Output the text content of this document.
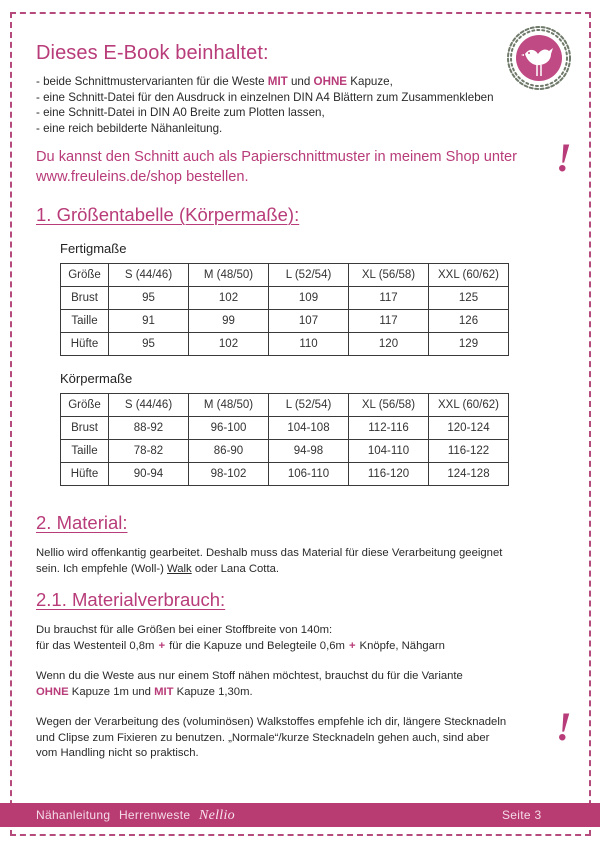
Dieses E-Book beinhaltet:
- beide Schnittmustervarianten für die Weste MIT und OHNE Kapuze,
- eine Schnitt-Datei für den Ausdruck in einzelnen DIN A4 Blättern zum Zusammenkleben
- eine Schnitt-Datei in DIN A0 Breite zum Plotten lassen,
- eine reich bebilderte Nähanleitung.
Du kannst den Schnitt auch als Papierschnittmuster in meinem Shop unter
www.freuleins.de/shop bestellen.	!
1. Größentabelle (Körpermaße):
Fertigmaße
Größe	S (44/46)	M (48/50)	L (52/54)	XL (56/58)	XXL (60/62)
Brust	95	102	109	117	125
Taille	91	99	107	117	126
Hüfte	95	102	110	120	129
Körpermaße
Größe	S (44/46)	M (48/50)	L (52/54)	XL (56/58)	XXL (60/62)
Brust	88-92	96-100	104-108	112-116	120-124
Taille	78-82	86-90	94-98	104-110	116-122
Hüfte	90-94	98-102	106-110	116-120	124-128
2. Material:
Nellio wird offenkantig gearbeitet. Deshalb muss das Material für diese Verarbeitung geeignet
sein. Ich empfehle (Woll-) Walk oder Lana Cotta.
2.1. Materialverbrauch:
Du brauchst für alle Größen bei einer Stoffbreite von 140m:
für das Westenteil 0,8m + für die Kapuze und Belegteile 0,6m + Knöpfe, Nähgarn
Wenn du die Weste aus nur einem Stoff nähen möchtest, brauchst du für die Variante
OHNE Kapuze 1m und MIT Kapuze 1,30m.
Wegen der Verarbeitung des (voluminösen) Walkstoffes empfehle ich dir, längere Stecknadeln
und Clipse zum Fixieren zu benutzen. „Normale“/kurze Stecknadeln gehen auch, sind aber
vom Handling nicht so praktisch.
!
Nähanleitung Herrenweste Nellio	Seite 3
